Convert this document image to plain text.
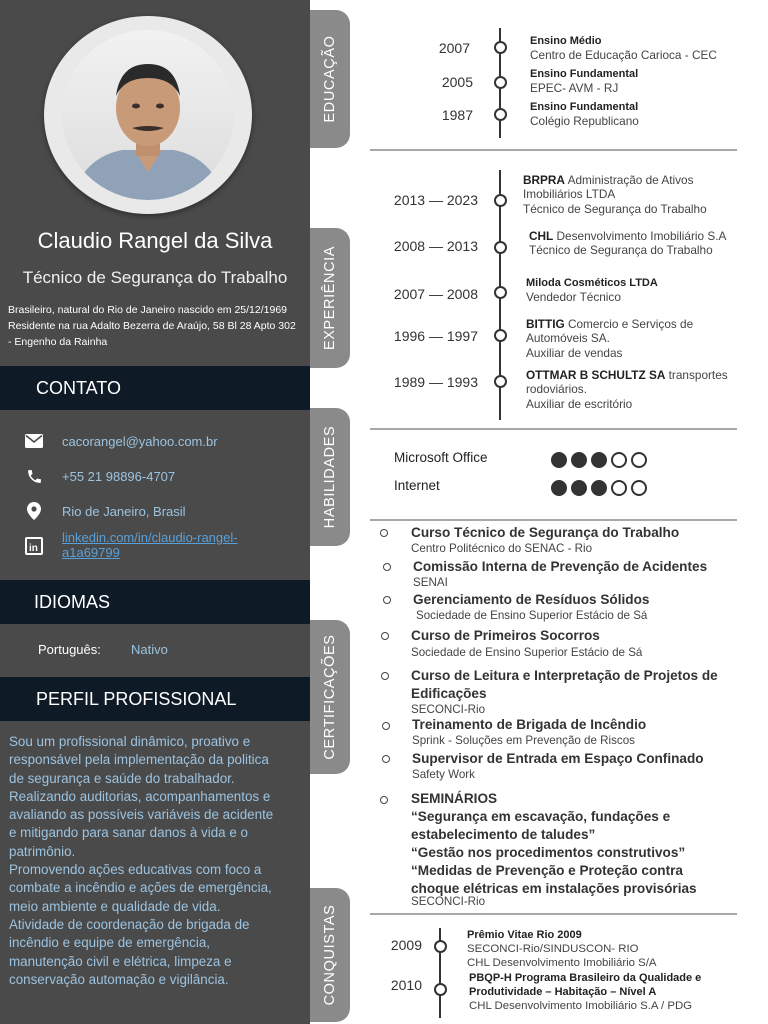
Claudio Rangel da Silva
Técnico de Segurança do Trabalho
Brasileiro, natural do Rio de Janeiro nascido em 25/12/1969
Residente na rua Adalto Bezerra de Araújo, 58 Bl 28 Apto 302
- Engenho da Rainha
CONTATO
cacorangel@yahoo.com.br
+55 21 98896-4707
Rio de Janeiro, Brasil
in
linkedin.com/in/claudio-rangel-
a1a69799
IDIOMAS
Português: Nativo
PERFIL PROFISSIONAL
Sou um profissional dinâmico, proativo e
responsável pela implementação da politica
de segurança e saúde do trabalhador.
Realizando auditorias, acompanhamentos e
avaliando as possíveis variáveis de acidente
e mitigando para sanar danos à vida e o
patrimônio.
Promovendo ações educativas com foco a
combate a incêndio e ações de emergência,
meio ambiente e qualidade de vida.
Atividade de coordenação de brigada de
incêndio e equipe de emergência,
manutenção civil e elétrica, limpeza e
conservação automação e vigilância.
EDUCAÇÃO
EXPERIÊNCIA
HABILIDADES
CERTIFICAÇÕES
CONQUISTAS
2007	Ensino Médio
Centro de Educação Carioca - CEC
2005	Ensino Fundamental
EPEC- AVM - RJ
1987	Ensino Fundamental
Colégio Republicano
2013 — 2023
BRPRA Administração de Ativos
Imobiliários LTDA
Técnico de Segurança do Trabalho
2008 — 2013
CHL Desenvolvimento Imobiliário S.A
Técnico de Segurança do Trabalho
2007 — 2008
Miloda Cosméticos LTDA
Vendedor Técnico
1996 — 1997
BITTIG Comercio e Serviços de
Automóveis SA.
Auxiliar de vendas
1989 — 1993	OTTMAR B SCHULTZ SA transportes
rodoviários.
Auxiliar de escritório
Microsoft Office
Internet
Curso Técnico de Segurança do Trabalho
Centro Politécnico do SENAC - Rio
Comissão Interna de Prevenção de Acidentes
SENAI
Gerenciamento de Resíduos Sólidos
Sociedade de Ensino Superior Estácio de Sá
Curso de Primeiros Socorros
Sociedade de Ensino Superior Estácio de Sá
Curso de Leitura e Interpretação de Projetos de
Edificações
SECONCI-Rio
Treinamento de Brigada de Incêndio
Sprink - Soluções em Prevenção de Riscos
Supervisor de Entrada em Espaço Confinado
Safety Work
SEMINÁRIOS
“Segurança em escavação, fundações e
estabelecimento de taludes”
“Gestão nos procedimentos construtivos”
“Medidas de Prevenção e Proteção contra
choque elétricas em instalações provisórias
SECONCI-Rio
2009
Prêmio Vitae Rio 2009
SECONCI-Rio/SINDUSCON- RIO
CHL Desenvolvimento Imobiliário S/A
2010	PBQP-H Programa Brasileiro da Qualidade e
Produtividade – Habitação – Nível A
CHL Desenvolvimento Imobiliário S.A / PDG
